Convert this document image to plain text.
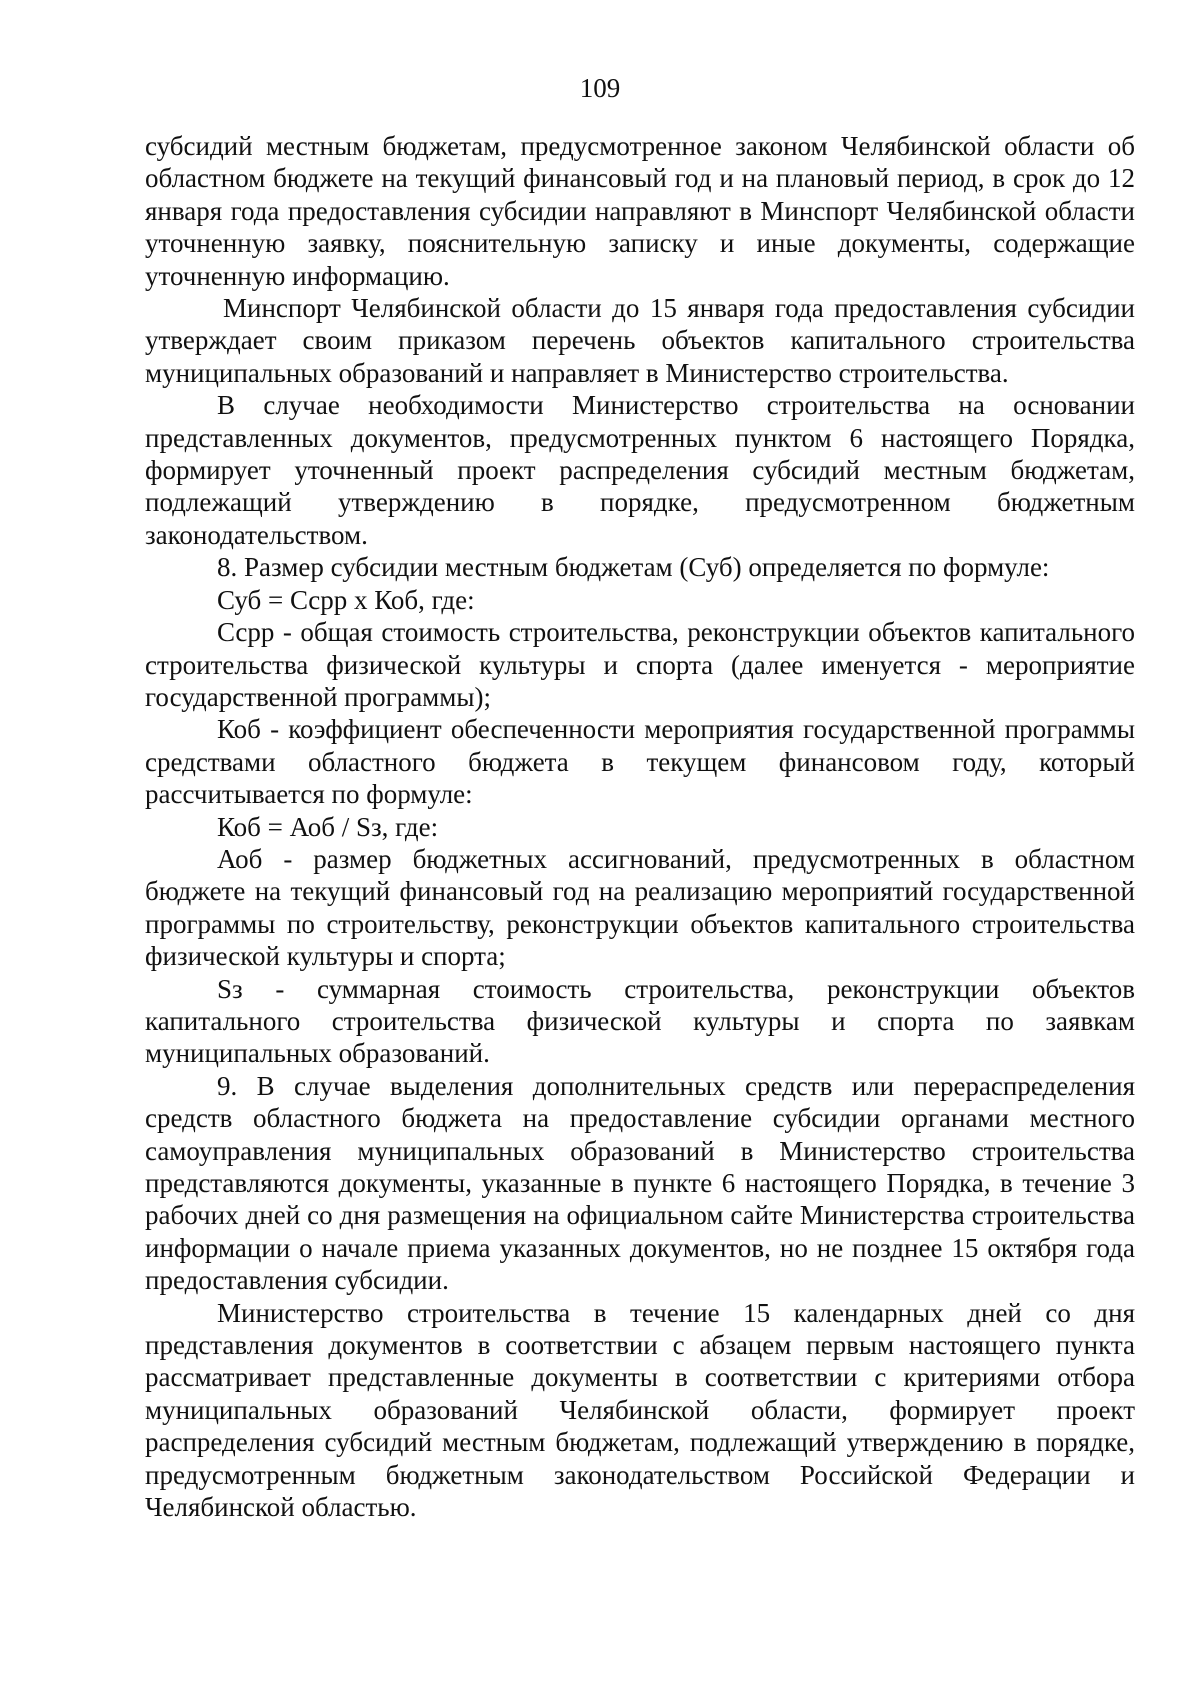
109

субсидий местным бюджетам, предусмотренное законом Челябинской области об областном бюджете на текущий финансовый год и на плановый период, в срок до 12 января года предоставления субсидии направляют в Минспорт Челябинской области уточненную заявку, пояснительную записку и иные документы, содержащие уточненную информацию.

Минспорт Челябинской области до 15 января года предоставления субсидии утверждает своим приказом перечень объектов капитального строительства муниципальных образований и направляет в Министерство строительства.

В случае необходимости Министерство строительства на основании представленных документов, предусмотренных пунктом 6 настоящего Порядка, формирует уточненный проект распределения субсидий местным бюджетам, подлежащий утверждению в порядке, предусмотренном бюджетным законодательством.

8. Размер субсидии местным бюджетам (Суб) определяется по формуле:

Суб = Ссрр х Коб, где:

Ссрр - общая стоимость строительства, реконструкции объектов капитального строительства физической культуры и спорта (далее именуется - мероприятие государственной программы);

Коб - коэффициент обеспеченности мероприятия государственной программы средствами областного бюджета в текущем финансовом году, который рассчитывается по формуле:

Коб = Аоб / Sз, где:

Аоб - размер бюджетных ассигнований, предусмотренных в областном бюджете на текущий финансовый год на реализацию мероприятий государственной программы по строительству, реконструкции объектов капитального строительства физической культуры и спорта;

Sз - суммарная стоимость строительства, реконструкции объектов капитального строительства физической культуры и спорта по заявкам муниципальных образований.

9. В случае выделения дополнительных средств или перераспределения средств областного бюджета на предоставление субсидии органами местного самоуправления муниципальных образований в Министерство строительства представляются документы, указанные в пункте 6 настоящего Порядка, в течение 3 рабочих дней со дня размещения на официальном сайте Министерства строительства информации о начале приема указанных документов, но не позднее 15 октября года предоставления субсидии.

Министерство строительства в течение 15 календарных дней со дня представления документов в соответствии с абзацем первым настоящего пункта рассматривает представленные документы в соответствии с критериями отбора муниципальных образований Челябинской области, формирует проект распределения субсидий местным бюджетам, подлежащий утверждению в порядке, предусмотренным бюджетным законодательством Российской Федерации и Челябинской областью.
